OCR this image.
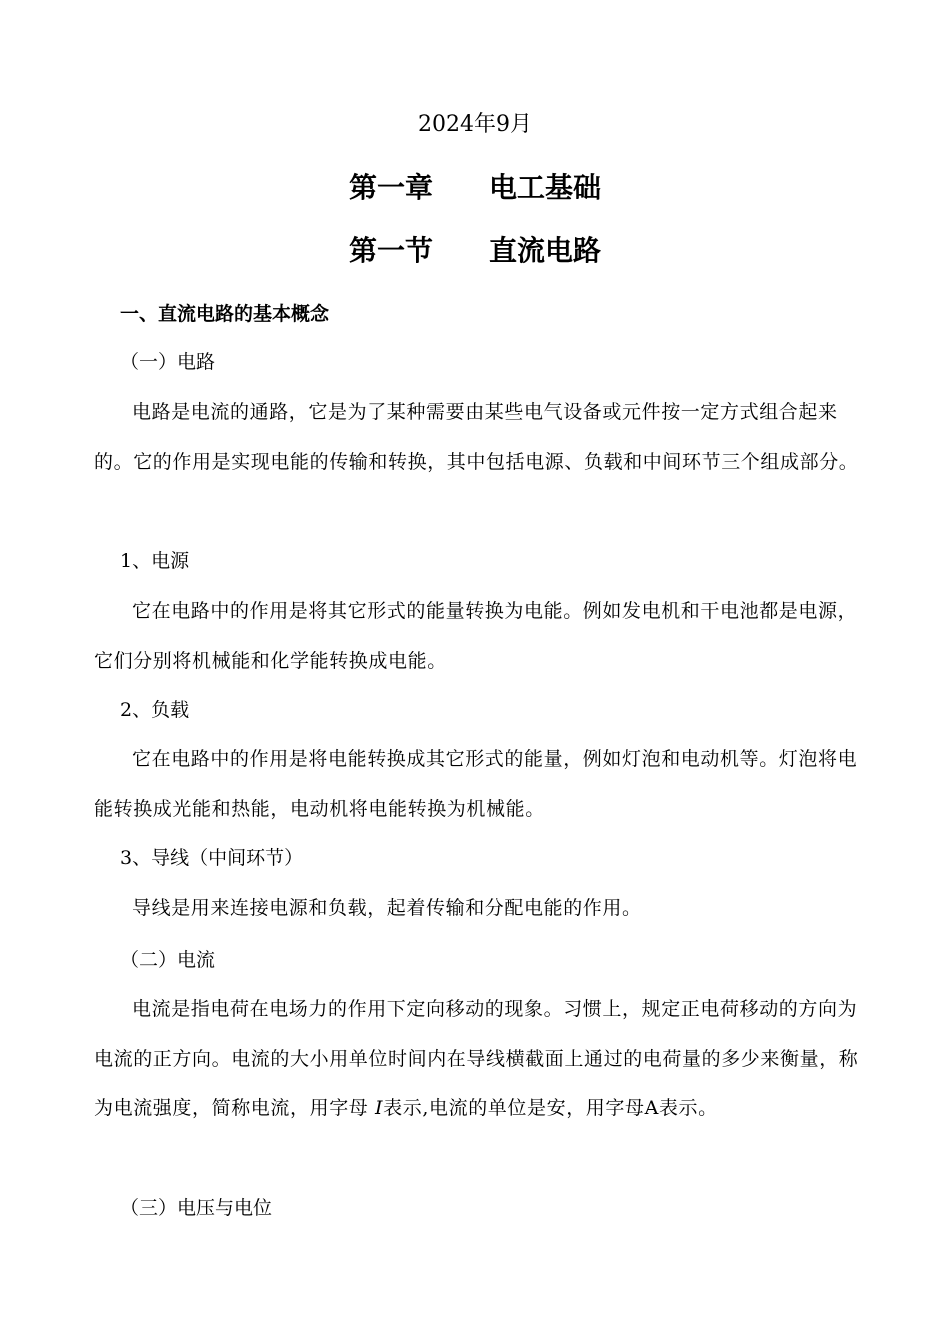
2024年9月
第一章　　电工基础
第一节　　直流电路
一、直流电路的基本概念
（一）电路
电路是电流的通路，它是为了某种需要由某些电气设备或元件按一定方式组合起来的。它的作用是实现电能的传输和转换，其中包括电源、负载和中间环节三个组成部分。
1、电源
它在电路中的作用是将其它形式的能量转换为电能。例如发电机和干电池都是电源，它们分别将机械能和化学能转换成电能。
2、负载
它在电路中的作用是将电能转换成其它形式的能量，例如灯泡和电动机等。灯泡将电能转换成光能和热能，电动机将电能转换为机械能。
3、导线（中间环节）
导线是用来连接电源和负载，起着传输和分配电能的作用。
（二）电流
电流是指电荷在电场力的作用下定向移动的现象。习惯上，规定正电荷移动的方向为电流的正方向。电流的大小用单位时间内在导线横截面上通过的电荷量的多少来衡量，称为电流强度，简称电流，用字母 I表示,电流的单位是安，用字母A表示。
（三）电压与电位
